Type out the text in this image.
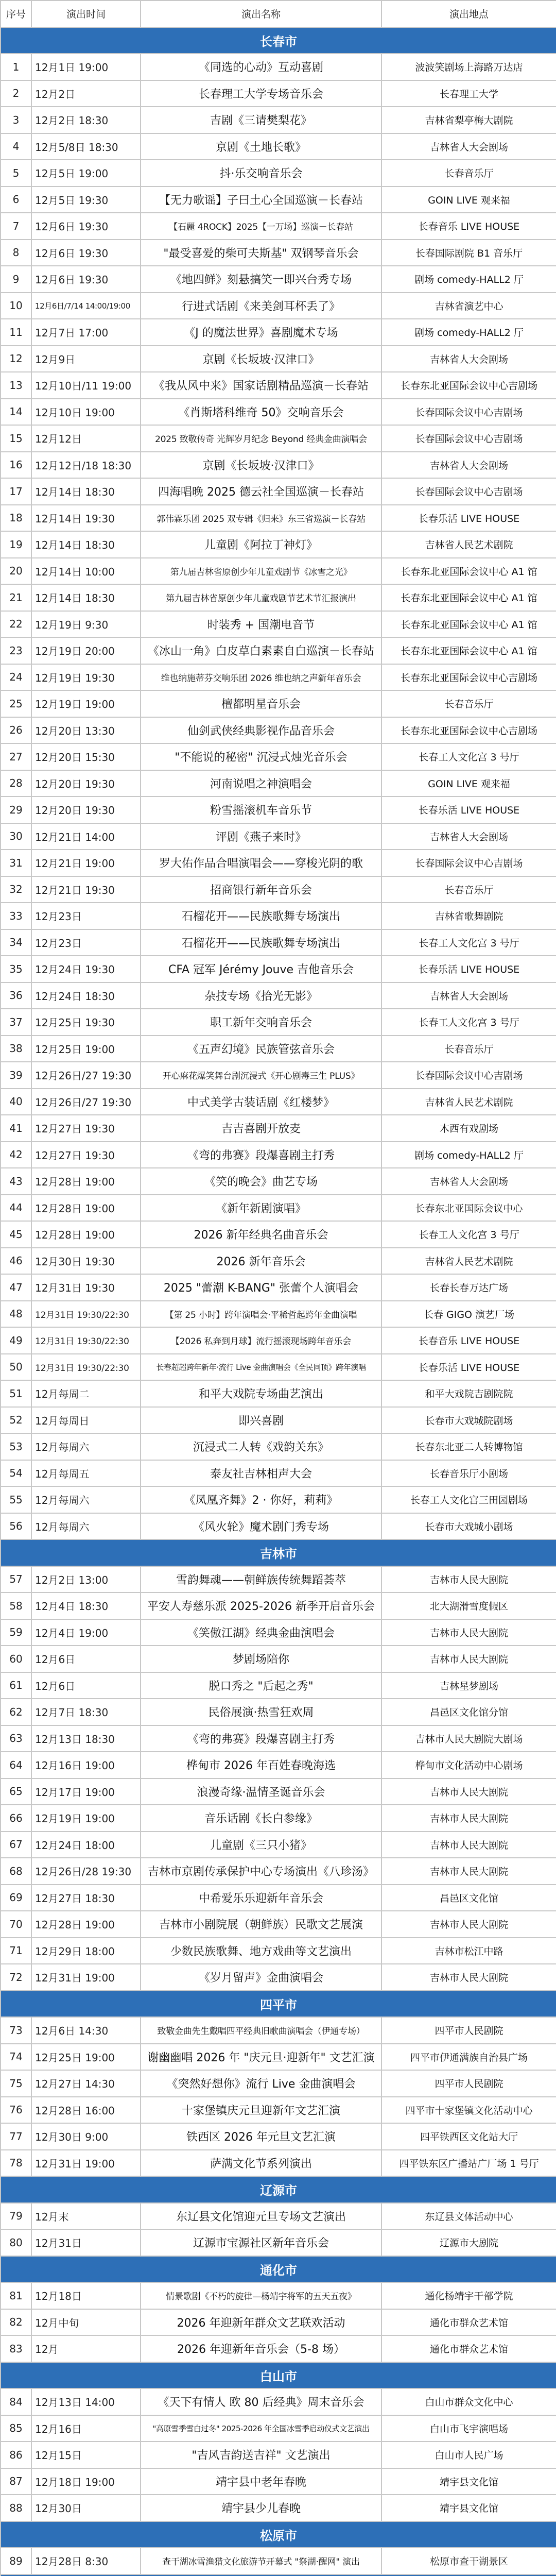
序号	演出时间	演出名称	演出地点
长春市			
1	12月1日 19:00	《同选的心动》互动喜剧	波波笑剧场上海路万达店
2	12月2日	长春理工大学专场音乐会	长春理工大学
3	12月2日 18:30	吉剧《三请樊梨花》	吉林省梨亭梅大剧院
4	12月5/8日 18:30	京剧《土地长歌》	吉林省人大会剧场
5	12月5日 19:00	抖·乐交响音乐会	长春音乐厅
6	12月5日 19:30	【无力歌谣】子曰土心全国巡演－长春站	GOIN LIVE 观来福
7	12月6日 19:30	【石麗 4ROCK】2025【一万场】巡演－长春站	长春音乐 LIVE HOUSE
8	12月6日 19:30	"最受喜爱的柴可夫斯基" 双钢琴音乐会	长春国际剧院 B1 音乐厅
9	12月6日 19:30	《地四鲜》刻悬搞笑一即兴台秀专场	剧场 comedy-HALL2 厅
10	12月6日/7/14 14:00/19:00	行进式话剧《来美剑耳杯丢了》	吉林省演艺中心
11	12月7日 17:00	《J 的魔法世界》喜剧魔术专场	剧场 comedy-HALL2 厅
12	12月9日	京剧《长坂坡·汉津口》	吉林省人大会剧场
13	12月10日/11 19:00	《我从风中来》国家话剧精品巡演－长春站	长春东北亚国际会议中心吉剧场
14	12月10日 19:00	《肖斯塔科维奇 50》交响音乐会	长春国际会议中心吉剧场
15	12月12日	2025 致敬传奇 光辉岁月纪念 Beyond 经典金曲演唱会	长春国际会议中心吉剧场
16	12月12日/18 18:30	京剧《长坂坡·汉津口》	吉林省人大会剧场
17	12月14日 18:30	四海唱晚 2025 德云社全国巡演－长春站	长春国际会议中心吉剧场
18	12月14日 19:30	郭伟霖乐团 2025 双专辑《归来》东三省巡演－长春站	长春乐活 LIVE HOUSE
19	12月14日 18:30	儿童剧《阿拉丁神灯》	吉林省人民艺术剧院
20	12月14日 10:00	第九届吉林省原创少年儿童戏剧节《冰雪之光》	长春东北亚国际会议中心 A1 馆
21	12月14日 18:30	第九届吉林省原创少年儿童戏剧节艺术节汇报演出	长春东北亚国际会议中心 A1 馆
22	12月19日 9:30	时装秀 + 国潮电音节	长春东北亚国际会议中心 A1 馆
23	12月19日 20:00	《冰山一角》白皮草白素素自白巡演－长春站	长春东北亚国际会议中心 A1 馆
24	12月19日 19:30	维也纳施蒂芬交响乐团 2026 维也纳之声新年音乐会	长春东北亚国际会议中心吉剧场
25	12月19日 19:00	檀都明星音乐会	长春音乐厅
26	12月20日 13:30	仙剑武侠经典影视作品音乐会	长春东北亚国际会议中心吉剧场
27	12月20日 15:30	"不能说的秘密" 沉浸式烛光音乐会	长春工人文化宫 3 号厅
28	12月20日 19:30	河南说唱之神演唱会	GOIN LIVE 观来福
29	12月20日 19:30	粉雪摇滚机车音乐节	长春乐活 LIVE HOUSE
30	12月21日 14:00	评剧《燕子来时》	吉林省人大会剧场
31	12月21日 19:00	罗大佑作品合唱演唱会——穿梭光阴的歌	长春国际会议中心吉剧场
32	12月21日 19:30	招商银行新年音乐会	长春音乐厅
33	12月23日	石榴花开——民族歌舞专场演出	吉林省歌舞剧院
34	12月23日	石榴花开——民族歌舞专场演出	长春工人文化宫 3 号厅
35	12月24日 19:30	CFA 冠军 Jérémy Jouve 吉他音乐会	长春乐活 LIVE HOUSE
36	12月24日 18:30	杂技专场《拾光无影》	吉林省人大会剧场
37	12月25日 19:30	职工新年交响音乐会	长春工人文化宫 3 号厅
38	12月25日 19:00	《五声幻境》民族管弦音乐会	长春音乐厅
39	12月26日/27 19:30	开心麻花爆笑舞台剧沉浸式《开心剧毒三生 PLUS》	长春国际会议中心吉剧场
40	12月26日/27 19:30	中式美学古装话剧《红楼梦》	吉林省人民艺术剧院
41	12月27日 19:30	吉吉喜剧开放麦	木西有戏剧场
42	12月27日 19:30	《弯的弗赛》段爆喜剧主打秀	剧场 comedy-HALL2 厅
43	12月28日 19:00	《笑的晚会》曲艺专场	吉林省人大会剧场
44	12月28日 19:00	《新年新剧演唱》	长春东北亚国际会议中心
45	12月28日 19:00	2026 新年经典名曲音乐会	长春工人文化宫 3 号厅
46	12月30日 19:30	2026 新年音乐会	吉林省人民艺术剧院
47	12月31日 19:30	2025 "蕾潮 K-BANG" 张蕾个人演唱会	长春长春万达广场
48	12月31日 19:30/22:30	【第 25 小时】跨年演唱会·平稀哲起跨年金曲演唱	长春 GIGO 演艺厂场
49	12月31日 19:30/22:30	【2026 私奔到月球】流行摇滚现场跨年音乐会	长春音乐 LIVE HOUSE
50	12月31日 19:30/22:30	长春超超跨年新年·流行 Live 金曲演唱会《全民同顶》跨年演唱	长春乐活 LIVE HOUSE
51	12月每周二	和平大戏院专场曲艺演出	和平大戏院吉剧院院
52	12月每周日	即兴喜剧	长春市大戏城院剧场
53	12月每周六	沉浸式二人转《戏韵关东》	长春东北亚二人转博物馆
54	12月每周五	泰友社吉林相声大会	长春音乐厅小剧场
55	12月每周六	《凤凰齐舞》2 · 你好，莉莉》	长春工人文化宫三田园剧场
56	12月每周六	《风火轮》魔术剧门秀专场	长春市大戏城小剧场
吉林市			
57	12月2日 13:00	雪韵舞魂——朝鲜族传统舞蹈荟萃	吉林市人民大剧院
58	12月4日 18:30	平安人寿慈乐派 2025-2026 新季开启音乐会	北大湖滑雪度假区
59	12月4日 19:00	《笑傲江湖》经典金曲演唱会	吉林市人民大剧院
60	12月6日	梦剧场陪你	吉林市人民大剧院
61	12月6日	脱口秀之 "后起之秀"	吉林星梦剧场
62	12月7日 18:30	民俗展演·热雪狂欢周	昌邑区文化馆分馆
63	12月13日 18:30	《弯的弗赛》段爆喜剧主打秀	吉林市人民大剧院大剧场
64	12月16日 19:00	桦甸市 2026 年百姓春晚海选	桦甸市文化活动中心剧场
65	12月17日 19:00	浪漫奇缘·温情圣诞音乐会	吉林市人民大剧院
66	12月19日 19:00	音乐话剧《长白参缘》	吉林市人民大剧院
67	12月24日 18:00	儿童剧《三只小猪》	吉林市人民大剧院
68	12月26日/28 19:30	吉林市京剧传承保护中心专场演出《八珍汤》	吉林市人民大剧院
69	12月27日 18:30	中希爱乐乐迎新年音乐会	昌邑区文化馆
70	12月28日 19:00	吉林市小剧院展（朝鲜族）民歌文艺展演	吉林市人民大剧院
71	12月29日 18:00	少数民族歌舞、地方戏曲等文艺演出	吉林市松江中路
72	12月31日 19:00	《岁月留声》金曲演唱会	吉林市人民大剧院
四平市			
73	12月6日 14:30	致敬金曲先生戴唱四平经典旧歌曲演唱会（伊通专场）	四平市人民剧院
74	12月25日 19:00	谢幽幽唱 2026 年 "庆元旦·迎新年" 文艺汇演	四平市伊通满族自治县广场
75	12月27日 14:30	《突然好想你》流行 Live 金曲演唱会	四平市人民剧院
76	12月28日 16:00	十家堡镇庆元旦迎新年文艺汇演	四平市十家堡镇文化活动中心
77	12月30日 9:00	铁西区 2026 年元旦文艺汇演	四平铁西区文化站大厅
78	12月31日 19:00	萨满文化节系列演出	四平铁东区广播站广厂场 1 号厅
辽源市			
79	12月末	东辽县文化馆迎元旦专场文艺演出	东辽县文体活动中心
80	12月31日	辽源市宝源社区新年音乐会	辽源市大剧院
通化市			
81	12月18日	情景歌剧《不朽的旋律—杨靖宇将军的五天五夜》	通化杨靖宇干部学院
82	12月中旬	2026 年迎新年群众文艺联欢活动	通化市群众艺术馆
83	12月	2026 年迎新年音乐会（5-8 场）	通化市群众艺术馆
白山市			
84	12月13日 14:00	《天下有情人 欧 80 后经典》周末音乐会	白山市群众文化中心
85	12月16日	"高原雪季雪白过冬" 2025-2026 年全国冰雪季启动仪式文艺演出	白山市飞宇演唱场
86	12月15日	"吉风吉韵送吉祥" 文艺演出	白山市人民广场
87	12月18日 19:00	靖宇县中老年春晚	靖宇县文化馆
88	12月30日	靖宇县少儿春晚	靖宇县文化馆
松原市			
89	12月28日 8:30	查干湖冰雪渔猎文化旅游节开幕式 "祭湖·醒网" 演出	松原市查干湖景区
